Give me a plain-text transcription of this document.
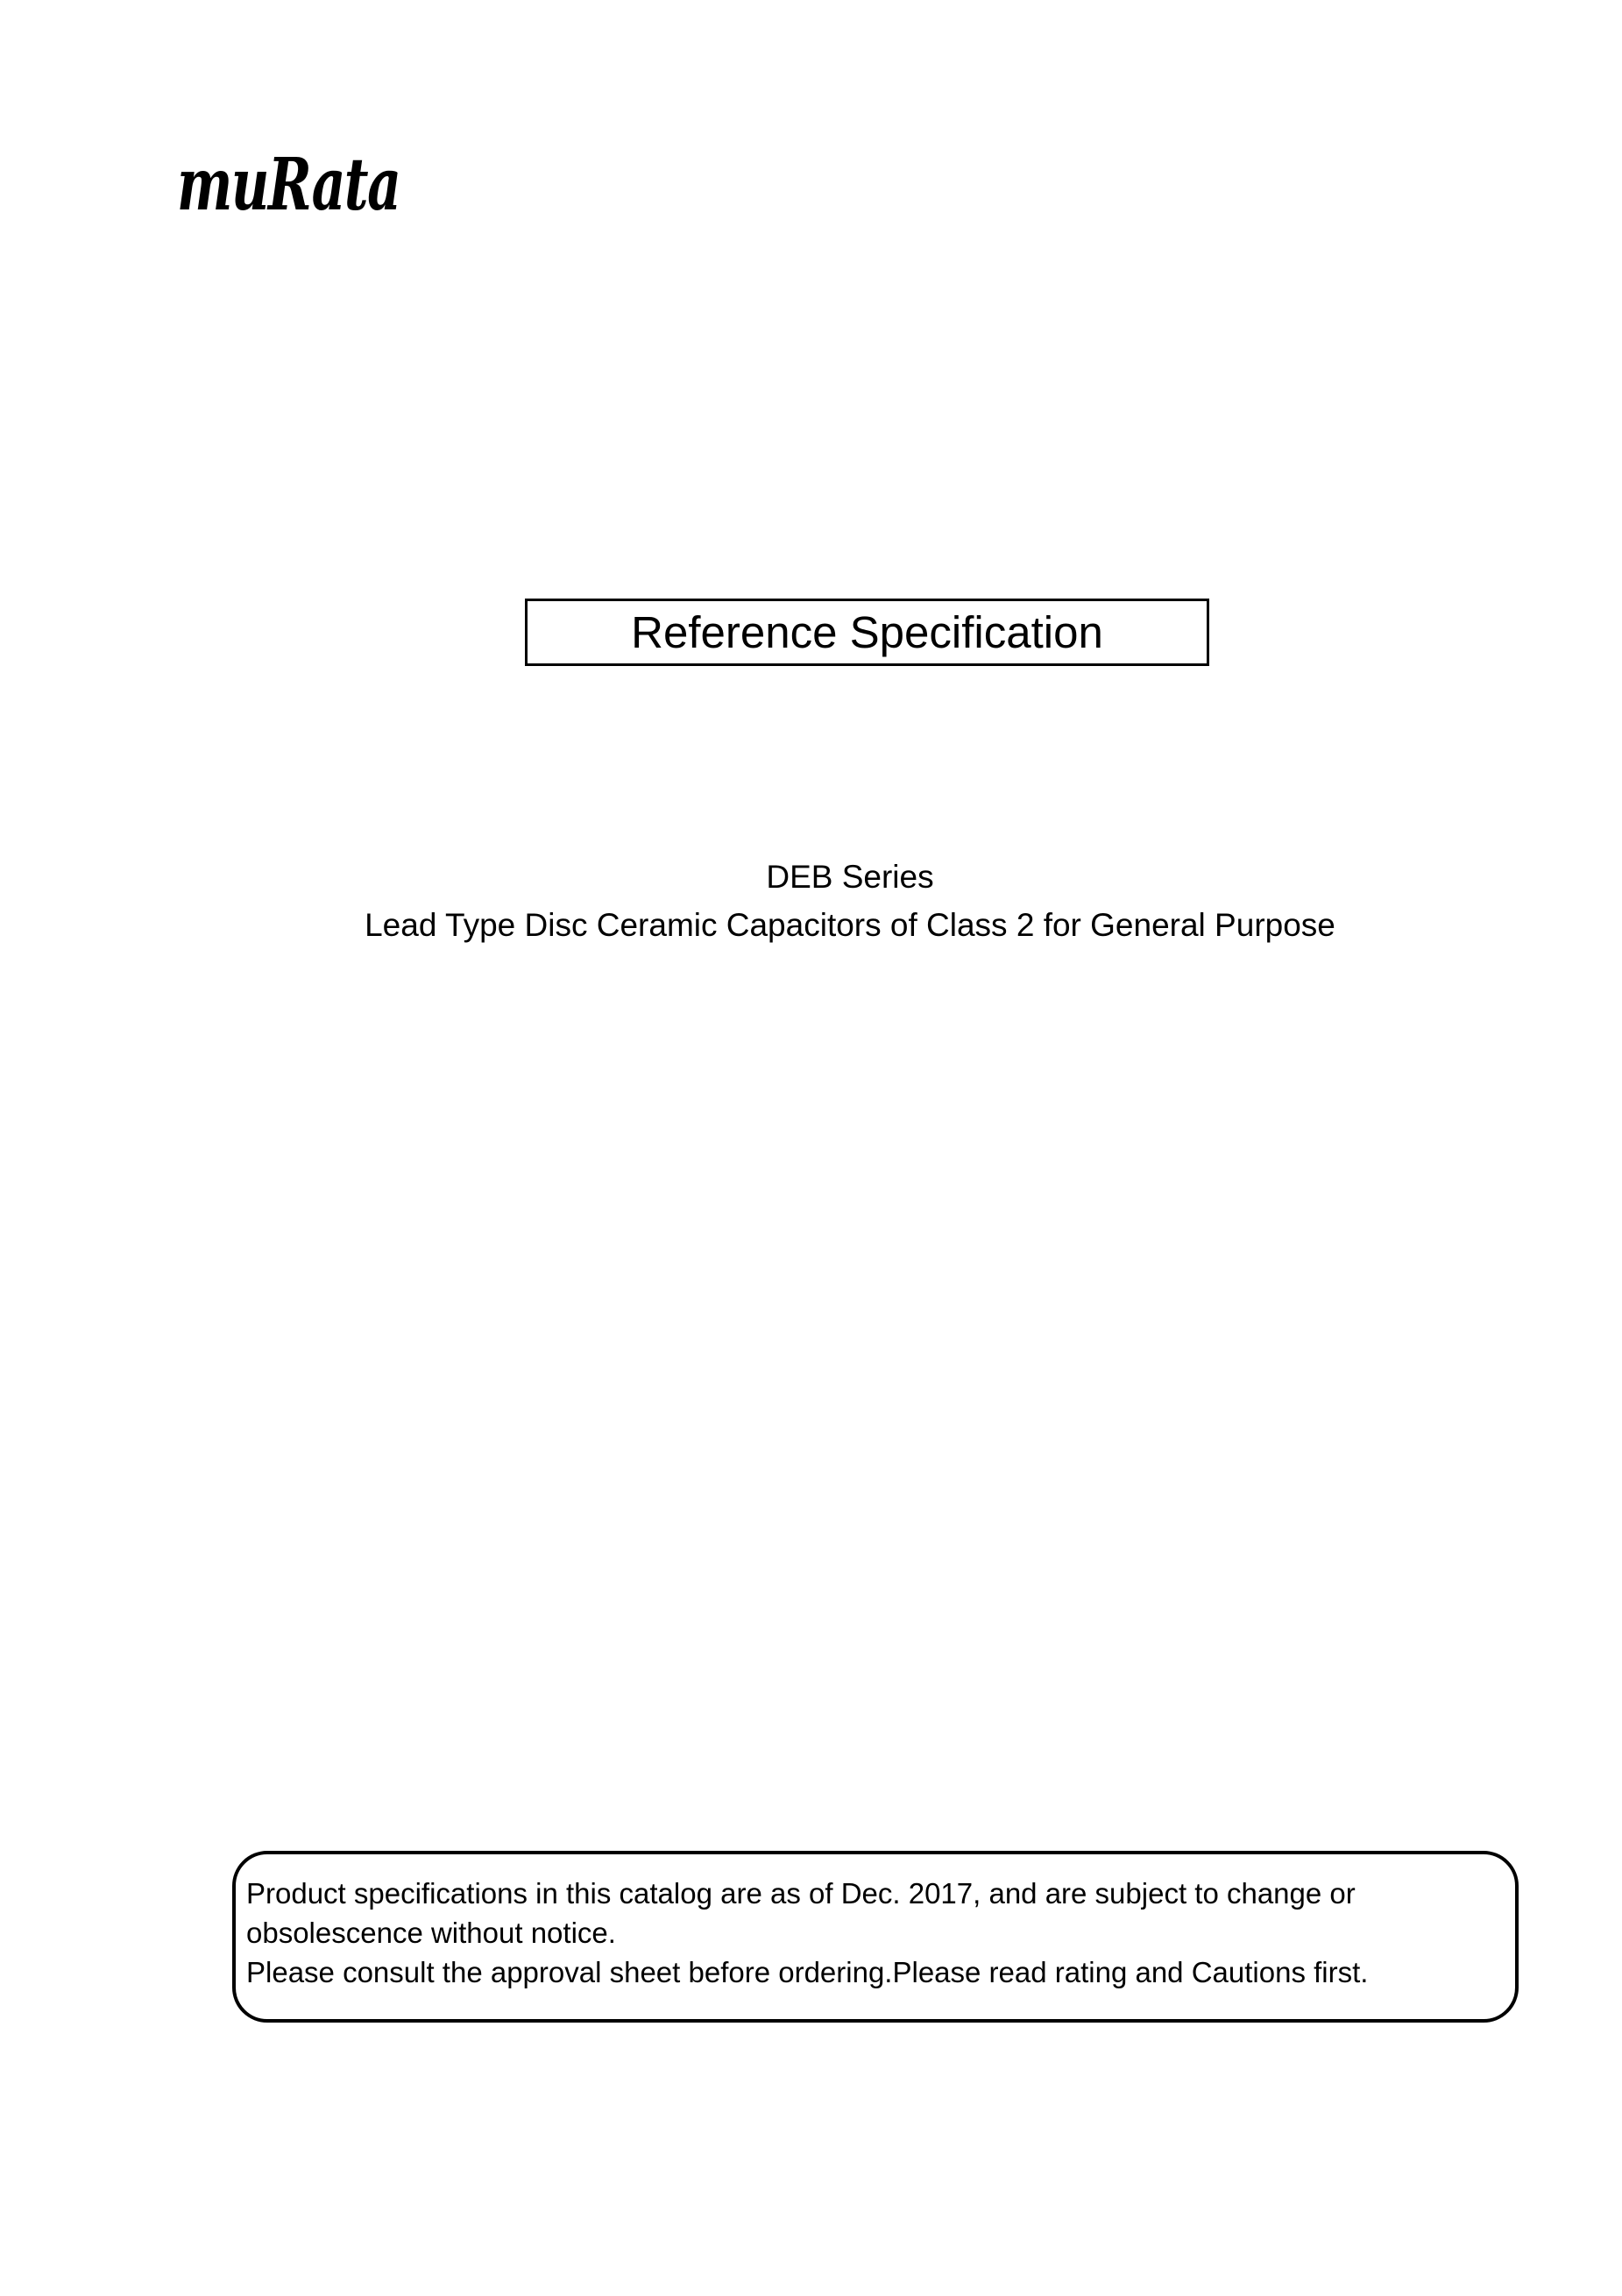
muRata
Reference Specification
DEB Series
Lead Type Disc Ceramic Capacitors of Class 2 for General Purpose
Product specifications in this catalog are as of Dec. 2017, and are subject to change or
obsolescence without notice.
Please consult the approval sheet before ordering.Please read rating and Cautions first.
